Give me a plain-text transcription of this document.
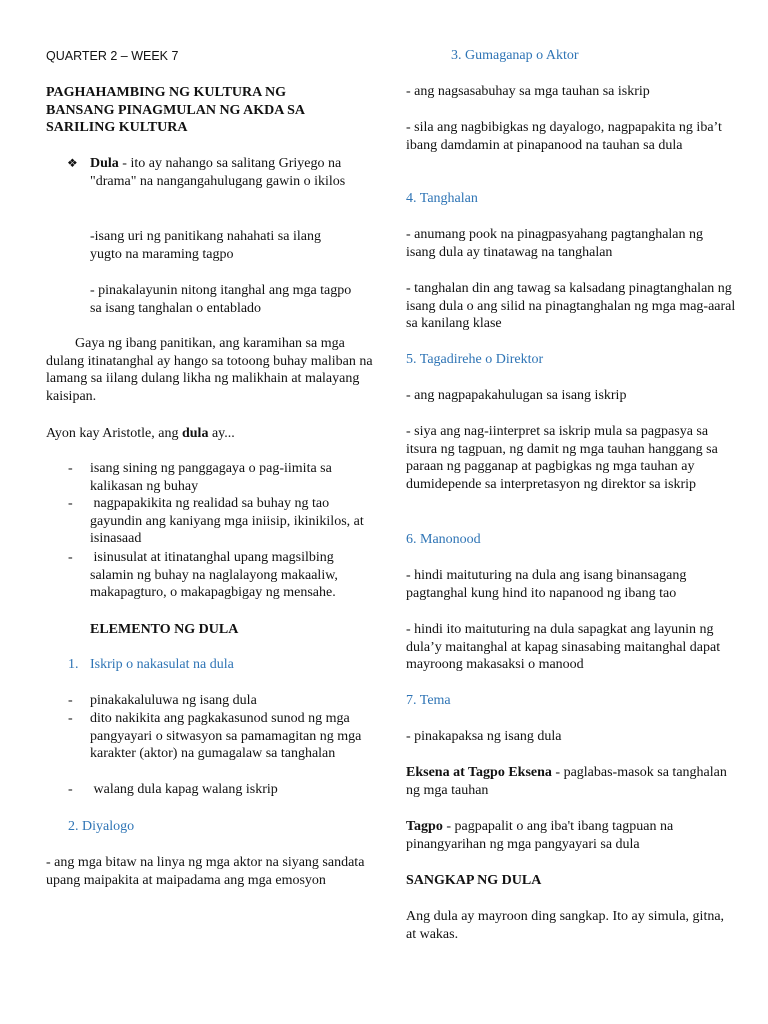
QUARTER 2 – WEEK 7

PAGHAHAMBING NG KULTURA NG BANSANG PINAGMULAN NG AKDA SA SARILING KULTURA

❖ Dula - ito ay nahango sa salitang Griyego na "drama" na nangangahulugang gawin o ikilos

-isang uri ng panitikang nahahati sa ilang yugto na maraming tagpo

- pinakalayunin nitong itanghal ang mga tagpo sa isang tanghalan o entablado

Gaya ng ibang panitikan, ang karamihan sa mga dulang itinatanghal ay hango sa totoong buhay maliban na lamang sa iilang dulang likha ng malikhain at malayang kaisipan.

Ayon kay Aristotle, ang dula ay...

-	isang sining ng panggagaya o pag-iimita sa kalikasan ng buhay
-	nagpapakikita ng realidad sa buhay ng tao gayundin ang kaniyang mga iniisip, ikinikilos, at isinasaad
-	isinusulat at itinatanghal upang magsilbing salamin ng buhay na naglalayong makaaliw, makapagturo, o makapagbigay ng mensahe.

ELEMENTO NG DULA

1. Iskrip o nakasulat na dula
-	pinakakaluluwa ng isang dula
-	dito nakikita ang pagkakasunod sunod ng mga pangyayari o sitwasyon sa pamamagitan ng mga karakter (aktor) na gumagalaw sa tanghalan
-	walang dula kapag walang iskrip

2. Diyalogo

- ang mga bitaw na linya ng mga aktor na siyang sandata upang maipakita at maipadama ang mga emosyon

3. Gumaganap o Aktor

- ang nagsasabuhay sa mga tauhan sa iskrip

- sila ang nagbibigkas ng dayalogo, nagpapakita ng iba’t ibang damdamin at pinapanood na tauhan sa dula

4. Tanghalan

- anumang pook na pinagpasyahang pagtanghalan ng isang dula ay tinatawag na tanghalan

- tanghalan din ang tawag sa kalsadang pinagtanghalan ng isang dula o ang silid na pinagtanghalan ng mga mag-aaral sa kanilang klase

5. Tagadirehe o Direktor

- ang nagpapakahulugan sa isang iskrip

- siya ang nag-iinterpret sa iskrip mula sa pagpasya sa itsura ng tagpuan, ng damit ng mga tauhan hanggang sa paraan ng pagganap at pagbigkas ng mga tauhan ay dumidepende sa interpretasyon ng direktor sa iskrip

6. Manonood

- hindi maituturing na dula ang isang binansagang pagtanghal kung hind ito napanood ng ibang tao

- hindi ito maituturing na dula sapagkat ang layunin ng dula’y maitanghal at kapag sinasabing maitanghal dapat mayroong makasaksi o manood

7. Tema

- pinakapaksa ng isang dula

Eksena at Tagpo Eksena - paglabas-masok sa tanghalan ng mga tauhan

Tagpo - pagpapalit o ang iba't ibang tagpuan na pinangyarihan ng mga pangyayari sa dula

SANGKAP NG DULA

Ang dula ay mayroon ding sangkap. Ito ay simula, gitna, at wakas.
